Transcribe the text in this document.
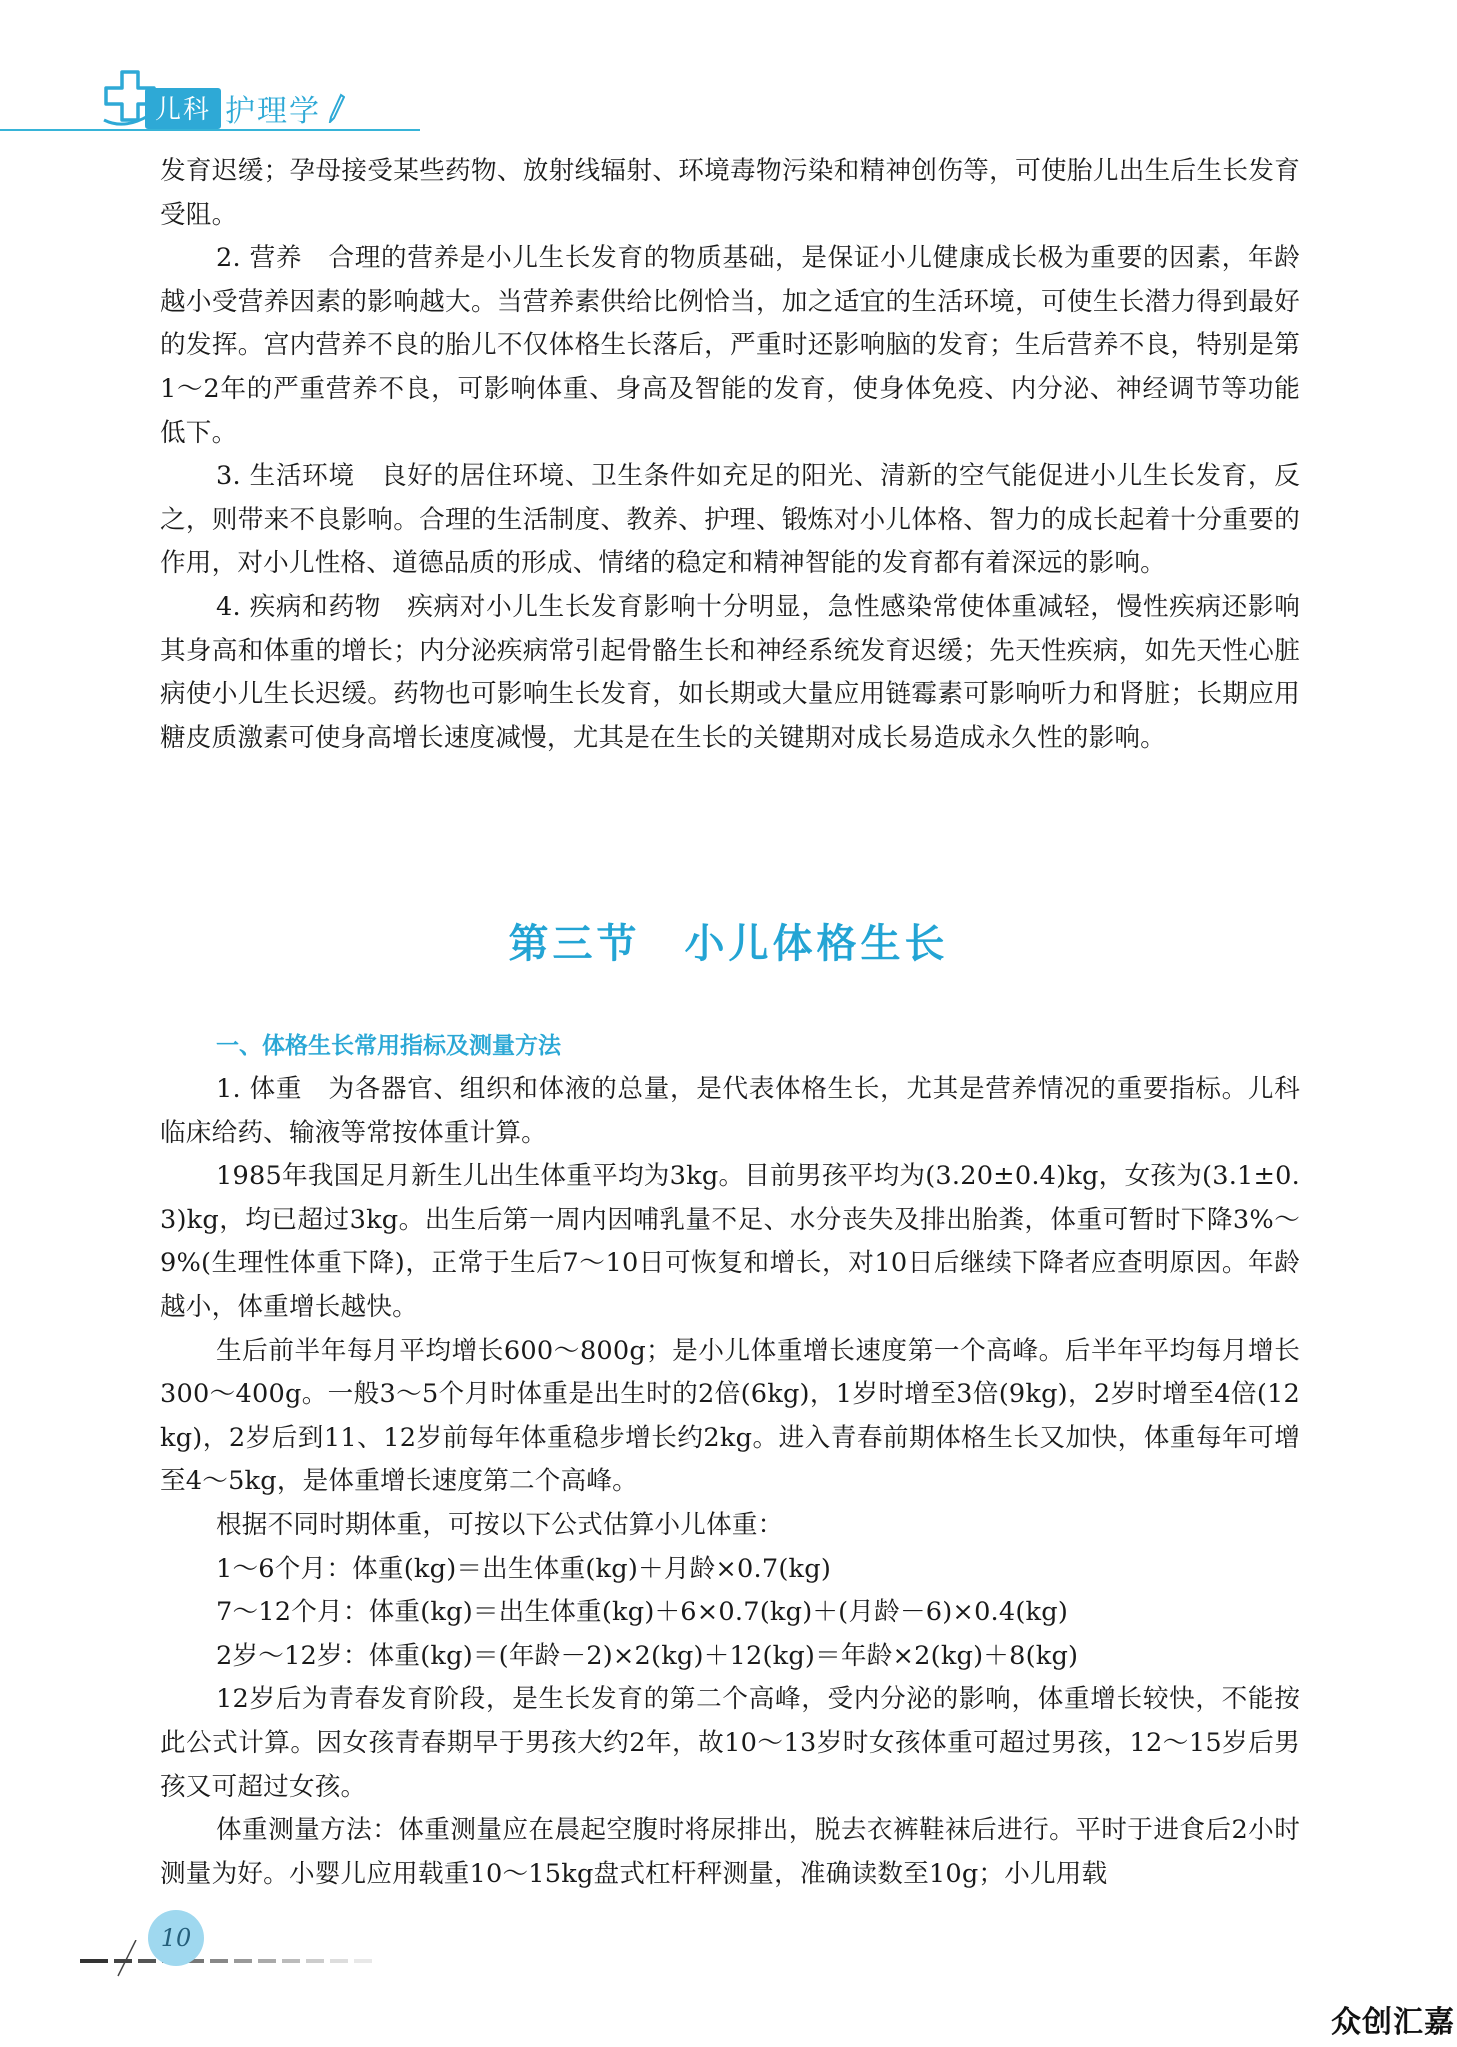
儿科 护理学

发育迟缓；孕母接受某些药物、放射线辐射、环境毒物污染和精神创伤等，可使胎儿出生后生长发育受阻。

2. 营养　合理的营养是小儿生长发育的物质基础，是保证小儿健康成长极为重要的因素，年龄越小受营养因素的影响越大。当营养素供给比例恰当，加之适宜的生活环境，可使生长潜力得到最好的发挥。宫内营养不良的胎儿不仅体格生长落后，严重时还影响脑的发育；生后营养不良，特别是第1～2年的严重营养不良，可影响体重、身高及智能的发育，使身体免疫、内分泌、神经调节等功能低下。

3. 生活环境　良好的居住环境、卫生条件如充足的阳光、清新的空气能促进小儿生长发育，反之，则带来不良影响。合理的生活制度、教养、护理、锻炼对小儿体格、智力的成长起着十分重要的作用，对小儿性格、道德品质的形成、情绪的稳定和精神智能的发育都有着深远的影响。

4. 疾病和药物　疾病对小儿生长发育影响十分明显，急性感染常使体重减轻，慢性疾病还影响其身高和体重的增长；内分泌疾病常引起骨骼生长和神经系统发育迟缓；先天性疾病，如先天性心脏病使小儿生长迟缓。药物也可影响生长发育，如长期或大量应用链霉素可影响听力和肾脏；长期应用糖皮质激素可使身高增长速度减慢，尤其是在生长的关键期对成长易造成永久性的影响。

第三节　小儿体格生长
一、体格生长常用指标及测量方法

1. 体重　为各器官、组织和体液的总量，是代表体格生长，尤其是营养情况的重要指标。儿科临床给药、输液等常按体重计算。

1985年我国足月新生儿出生体重平均为3kg。目前男孩平均为(3.20±0.4)kg，女孩为(3.1±0.3)kg，均已超过3kg。出生后第一周内因哺乳量不足、水分丧失及排出胎粪，体重可暂时下降3%～9%(生理性体重下降)，正常于生后7～10日可恢复和增长，对10日后继续下降者应查明原因。年龄越小，体重增长越快。

生后前半年每月平均增长600～800g；是小儿体重增长速度第一个高峰。后半年平均每月增长300～400g。一般3～5个月时体重是出生时的2倍(6kg)，1岁时增至3倍(9kg)，2岁时增至4倍(12kg)，2岁后到11、12岁前每年体重稳步增长约2kg。进入青春前期体格生长又加快，体重每年可增至4～5kg，是体重增长速度第二个高峰。

根据不同时期体重，可按以下公式估算小儿体重：

1～6个月：体重(kg)＝出生体重(kg)＋月龄×0.7(kg)

7～12个月：体重(kg)＝出生体重(kg)＋6×0.7(kg)＋(月龄－6)×0.4(kg)

2岁～12岁：体重(kg)＝(年龄－2)×2(kg)＋12(kg)＝年龄×2(kg)＋8(kg)

12岁后为青春发育阶段，是生长发育的第二个高峰，受内分泌的影响，体重增长较快，不能按此公式计算。因女孩青春期早于男孩大约2年，故10～13岁时女孩体重可超过男孩，12～15岁后男孩又可超过女孩。

体重测量方法：体重测量应在晨起空腹时将尿排出，脱去衣裤鞋袜后进行。平时于进食后2小时测量为好。小婴儿应用载重10～15kg盘式杠杆秤测量，准确读数至10g；小儿用载

10
众创汇嘉
